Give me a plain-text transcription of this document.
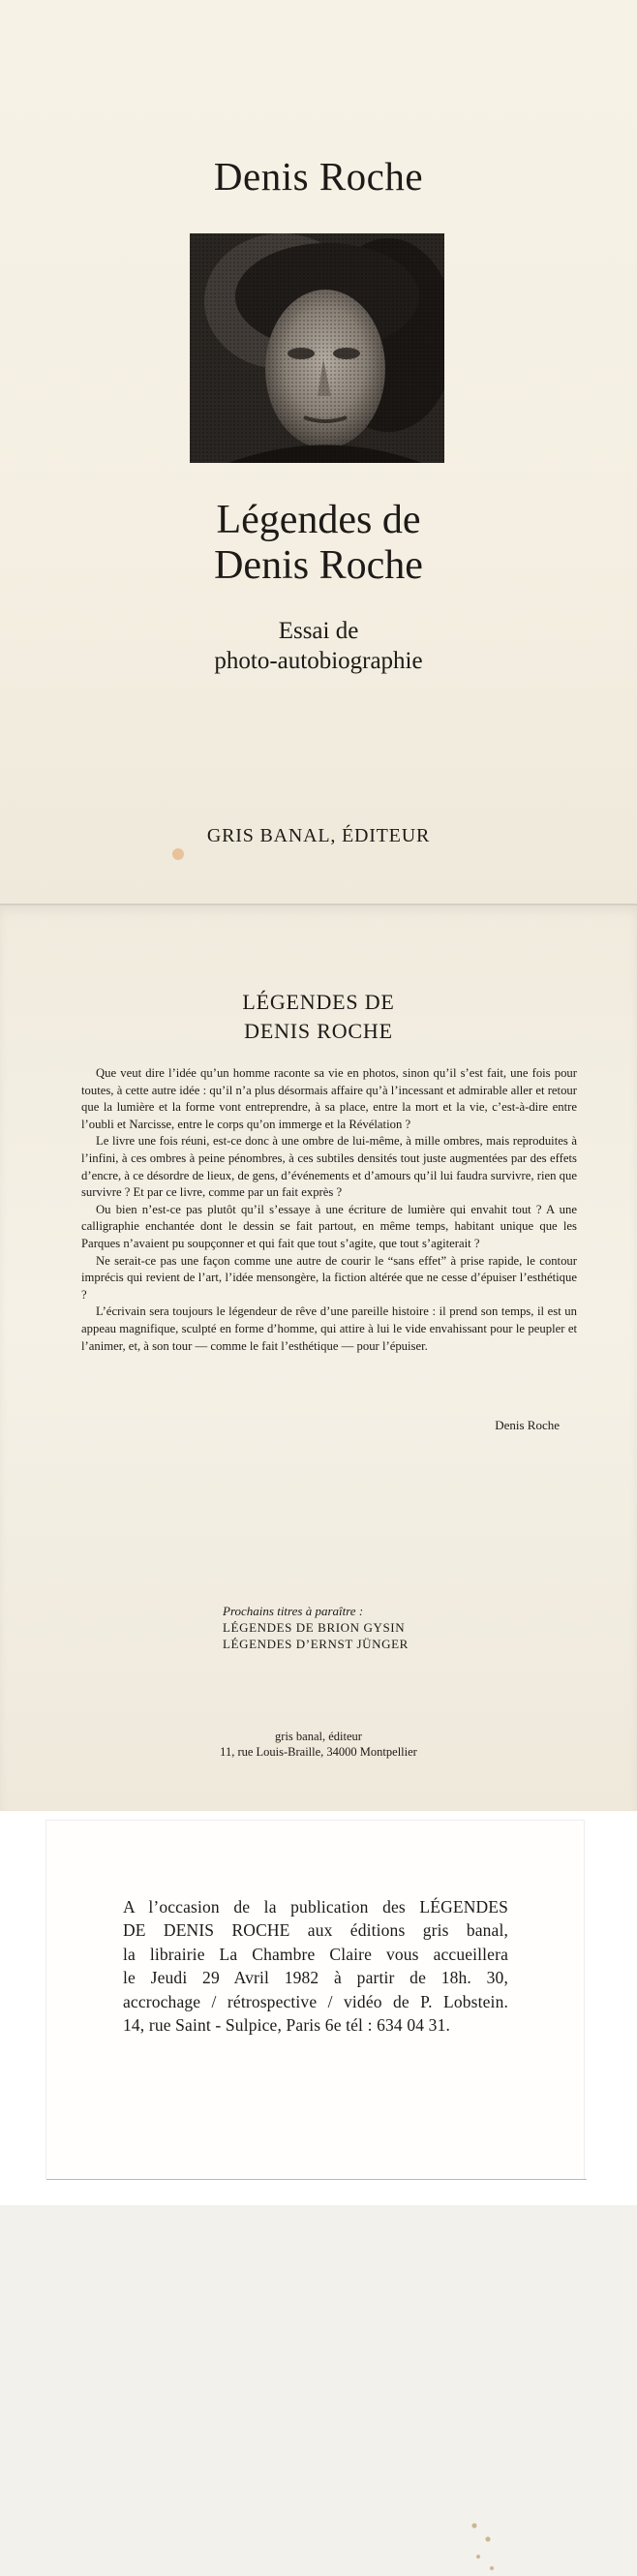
Denis Roche
Légendes de
Denis Roche
Essai de
photo-autobiographie
GRIS BANAL, ÉDITEUR
LÉGENDES DE
DENIS ROCHE

Que veut dire l’idée qu’un homme raconte sa vie en photos, sinon qu’il s’est fait, une fois pour toutes, à cette autre idée : qu’il n’a plus désormais affaire qu’à l’incessant et admirable aller et retour que la lumière et la forme vont entreprendre, à sa place, entre la mort et la vie, c’est-à-dire entre l’oubli et Narcisse, entre le corps qu’on immerge et la Révélation ?

Le livre une fois réuni, est-ce donc à une ombre de lui-même, à mille ombres, mais reproduites à l’infini, à ces ombres à peine pénombres, à ces subtiles densités tout juste augmentées par des effets d’encre, à ce désordre de lieux, de gens, d’événements et d’amours qu’il lui faudra survivre, rien que survivre ? Et par ce livre, comme par un fait exprès ?

Ou bien n’est-ce pas plutôt qu’il s’essaye à une écriture de lumière qui envahit tout ? A une calligraphie enchantée dont le dessin se fait partout, en même temps, habitant unique que les Parques n’avaient pu soupçonner et qui fait que tout s’agite, que tout s’agiterait ?

Ne serait-ce pas une façon comme une autre de courir le “sans effet” à prise rapide, le contour imprécis qui revient de l’art, l’idée mensongère, la fiction altérée que ne cesse d’épuiser l’esthétique ?

L’écrivain sera toujours le légendeur de rêve d’une pareille histoire : il prend son temps, il est un appeau magnifique, sculpté en forme d’homme, qui attire à lui le vide envahissant pour le peupler et l’animer, et, à son tour — comme le fait l’esthétique — pour l’épuiser.

Denis Roche
Prochains titres à paraître :
LÉGENDES DE BRION GYSIN
LÉGENDES D’ERNST JÜNGER
gris banal, éditeur
11, rue Louis-Braille, 34000 Montpellier
A l’occasion de la publication des LÉGENDES
DE DENIS ROCHE aux éditions gris banal,
la librairie La Chambre Claire vous accueillera
le Jeudi 29 Avril 1982 à partir de 18h. 30,
accrochage / rétrospective / vidéo de P. Lobstein.
14, rue Saint - Sulpice, Paris 6e tél : 634 04 31.
